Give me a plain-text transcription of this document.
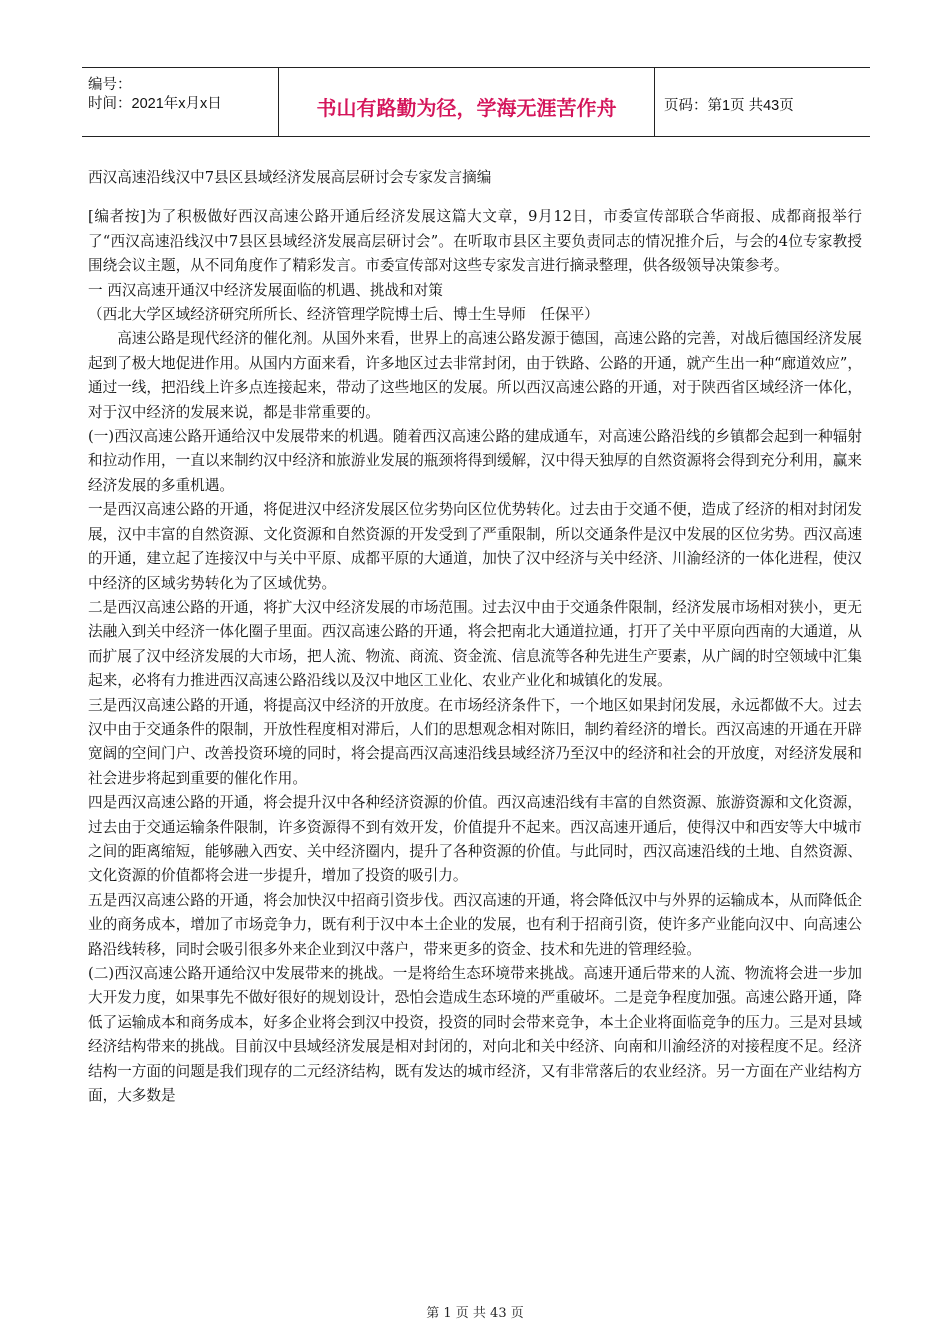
编号：
时间：2021年x月x日	书山有路勤为径，学海无涯苦作舟	页码：第1页 共43页

西汉高速沿线汉中7县区县域经济发展高层研讨会专家发言摘编

[编者按]为了积极做好西汉高速公路开通后经济发展这篇大文章，9月12日，市委宣传部联合华商报、成都商报举行了“西汉高速沿线汉中7县区县域经济发展高层研讨会”。在听取市县区主要负责同志的情况推介后，与会的4位专家教授围绕会议主题，从不同角度作了精彩发言。市委宣传部对这些专家发言进行摘录整理，供各级领导决策参考。

一 西汉高速开通汉中经济发展面临的机遇、挑战和对策

（西北大学区域经济研究所所长、经济管理学院博士后、博士生导师　任保平）

高速公路是现代经济的催化剂。从国外来看，世界上的高速公路发源于德国，高速公路的完善，对战后德国经济发展起到了极大地促进作用。从国内方面来看，许多地区过去非常封闭，由于铁路、公路的开通，就产生出一种“廊道效应”，通过一线，把沿线上许多点连接起来，带动了这些地区的发展。所以西汉高速公路的开通，对于陕西省区域经济一体化，对于汉中经济的发展来说，都是非常重要的。

(一)西汉高速公路开通给汉中发展带来的机遇。随着西汉高速公路的建成通车，对高速公路沿线的乡镇都会起到一种辐射和拉动作用，一直以来制约汉中经济和旅游业发展的瓶颈将得到缓解，汉中得天独厚的自然资源将会得到充分利用，赢来经济发展的多重机遇。

一是西汉高速公路的开通，将促进汉中经济发展区位劣势向区位优势转化。过去由于交通不便，造成了经济的相对封闭发展，汉中丰富的自然资源、文化资源和自然资源的开发受到了严重限制，所以交通条件是汉中发展的区位劣势。西汉高速的开通，建立起了连接汉中与关中平原、成都平原的大通道，加快了汉中经济与关中经济、川渝经济的一体化进程，使汉中经济的区域劣势转化为了区域优势。

二是西汉高速公路的开通，将扩大汉中经济发展的市场范围。过去汉中由于交通条件限制，经济发展市场相对狭小，更无法融入到关中经济一体化圈子里面。西汉高速公路的开通，将会把南北大通道拉通，打开了关中平原向西南的大通道，从而扩展了汉中经济发展的大市场，把人流、物流、商流、资金流、信息流等各种先进生产要素，从广阔的时空领域中汇集起来，必将有力推进西汉高速公路沿线以及汉中地区工业化、农业产业化和城镇化的发展。

三是西汉高速公路的开通，将提高汉中经济的开放度。在市场经济条件下，一个地区如果封闭发展，永远都做不大。过去汉中由于交通条件的限制，开放性程度相对滞后，人们的思想观念相对陈旧，制约着经济的增长。西汉高速的开通在开辟宽阔的空间门户、改善投资环境的同时，将会提高西汉高速沿线县域经济乃至汉中的经济和社会的开放度，对经济发展和社会进步将起到重要的催化作用。

四是西汉高速公路的开通，将会提升汉中各种经济资源的价值。西汉高速沿线有丰富的自然资源、旅游资源和文化资源，过去由于交通运输条件限制，许多资源得不到有效开发，价值提升不起来。西汉高速开通后，使得汉中和西安等大中城市之间的距离缩短，能够融入西安、关中经济圈内，提升了各种资源的价值。与此同时，西汉高速沿线的土地、自然资源、文化资源的价值都将会进一步提升，增加了投资的吸引力。

五是西汉高速公路的开通，将会加快汉中招商引资步伐。西汉高速的开通，将会降低汉中与外界的运输成本，从而降低企业的商务成本，增加了市场竞争力，既有利于汉中本土企业的发展，也有利于招商引资，使许多产业能向汉中、向高速公路沿线转移，同时会吸引很多外来企业到汉中落户，带来更多的资金、技术和先进的管理经验。

(二)西汉高速公路开通给汉中发展带来的挑战。一是将给生态环境带来挑战。高速开通后带来的人流、物流将会进一步加大开发力度，如果事先不做好很好的规划设计，恐怕会造成生态环境的严重破坏。二是竞争程度加强。高速公路开通，降低了运输成本和商务成本，好多企业将会到汉中投资，投资的同时会带来竞争，本土企业将面临竞争的压力。三是对县域经济结构带来的挑战。目前汉中县域经济发展是相对封闭的，对向北和关中经济、向南和川渝经济的对接程度不足。经济结构一方面的问题是我们现存的二元经济结构，既有发达的城市经济，又有非常落后的农业经济。另一方面在产业结构方面，大多数是

第 1 页 共 43 页
